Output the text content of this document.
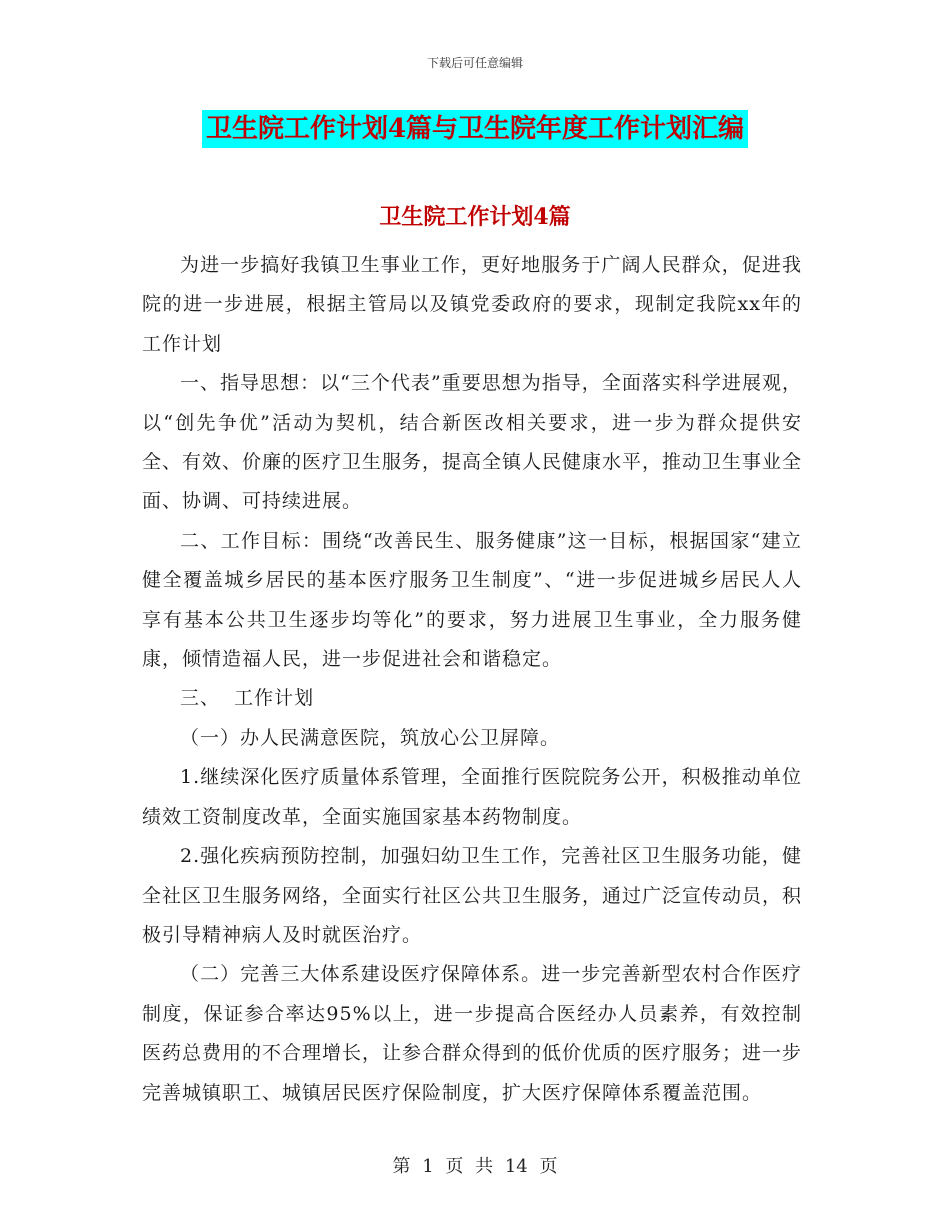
下载后可任意编辑
卫生院工作计划4篇与卫生院年度工作计划汇编
卫生院工作计划4篇

为进一步搞好我镇卫生事业工作，更好地服务于广阔人民群众，促进我院的进一步进展，根据主管局以及镇党委政府的要求，现制定我院xx年的工作计划

一、指导思想：以“三个代表”重要思想为指导，全面落实科学进展观，以“创先争优”活动为契机，结合新医改相关要求，进一步为群众提供安全、有效、价廉的医疗卫生服务，提高全镇人民健康水平，推动卫生事业全面、协调、可持续进展。

二、工作目标：围绕“改善民生、服务健康”这一目标，根据国家“建立健全覆盖城乡居民的基本医疗服务卫生制度”、“进一步促进城乡居民人人享有基本公共卫生逐步均等化”的要求，努力进展卫生事业，全力服务健康，倾情造福人民，进一步促进社会和谐稳定。

三、  工作计划

（一）办人民满意医院，筑放心公卫屏障。

1.继续深化医疗质量体系管理，全面推行医院院务公开，积极推动单位绩效工资制度改革，全面实施国家基本药物制度。

2.强化疾病预防控制，加强妇幼卫生工作，完善社区卫生服务功能，健全社区卫生服务网络，全面实行社区公共卫生服务，通过广泛宣传动员，积极引导精神病人及时就医治疗。

（二）完善三大体系建设医疗保障体系。进一步完善新型农村合作医疗制度，保证参合率达95%以上，进一步提高合医经办人员素养，有效控制医药总费用的不合理增长，让参合群众得到的低价优质的医疗服务；进一步完善城镇职工、城镇居民医疗保险制度，扩大医疗保障体系覆盖范围。

第 1 页 共 14 页
